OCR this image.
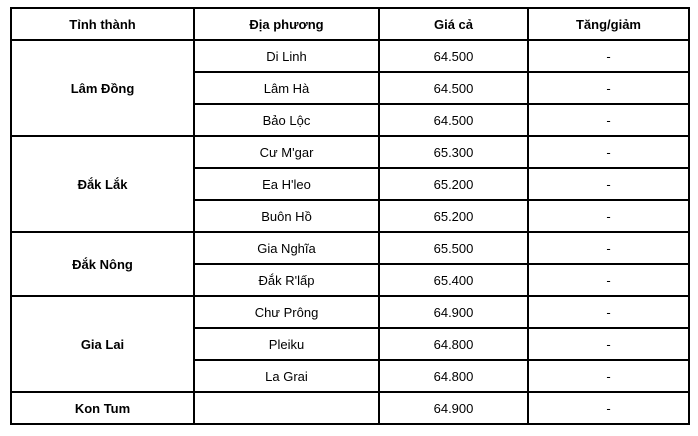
Tỉnh thành	Địa phương	Giá cả	Tăng/giảm
Lâm Đồng	Di Linh	64.500	-
	Lâm Hà	64.500	-
	Bảo Lộc	64.500	-
Đắk Lắk	Cư M'gar	65.300	-
	Ea H'leo	65.200	-
	Buôn Hồ	65.200	-
Đắk Nông	Gia Nghĩa	65.500	-
	Đắk R'lấp	65.400	-
Gia Lai	Chư Prông	64.900	-
	Pleiku	64.800	-
	La Grai	64.800	-
Kon Tum		64.900	-
